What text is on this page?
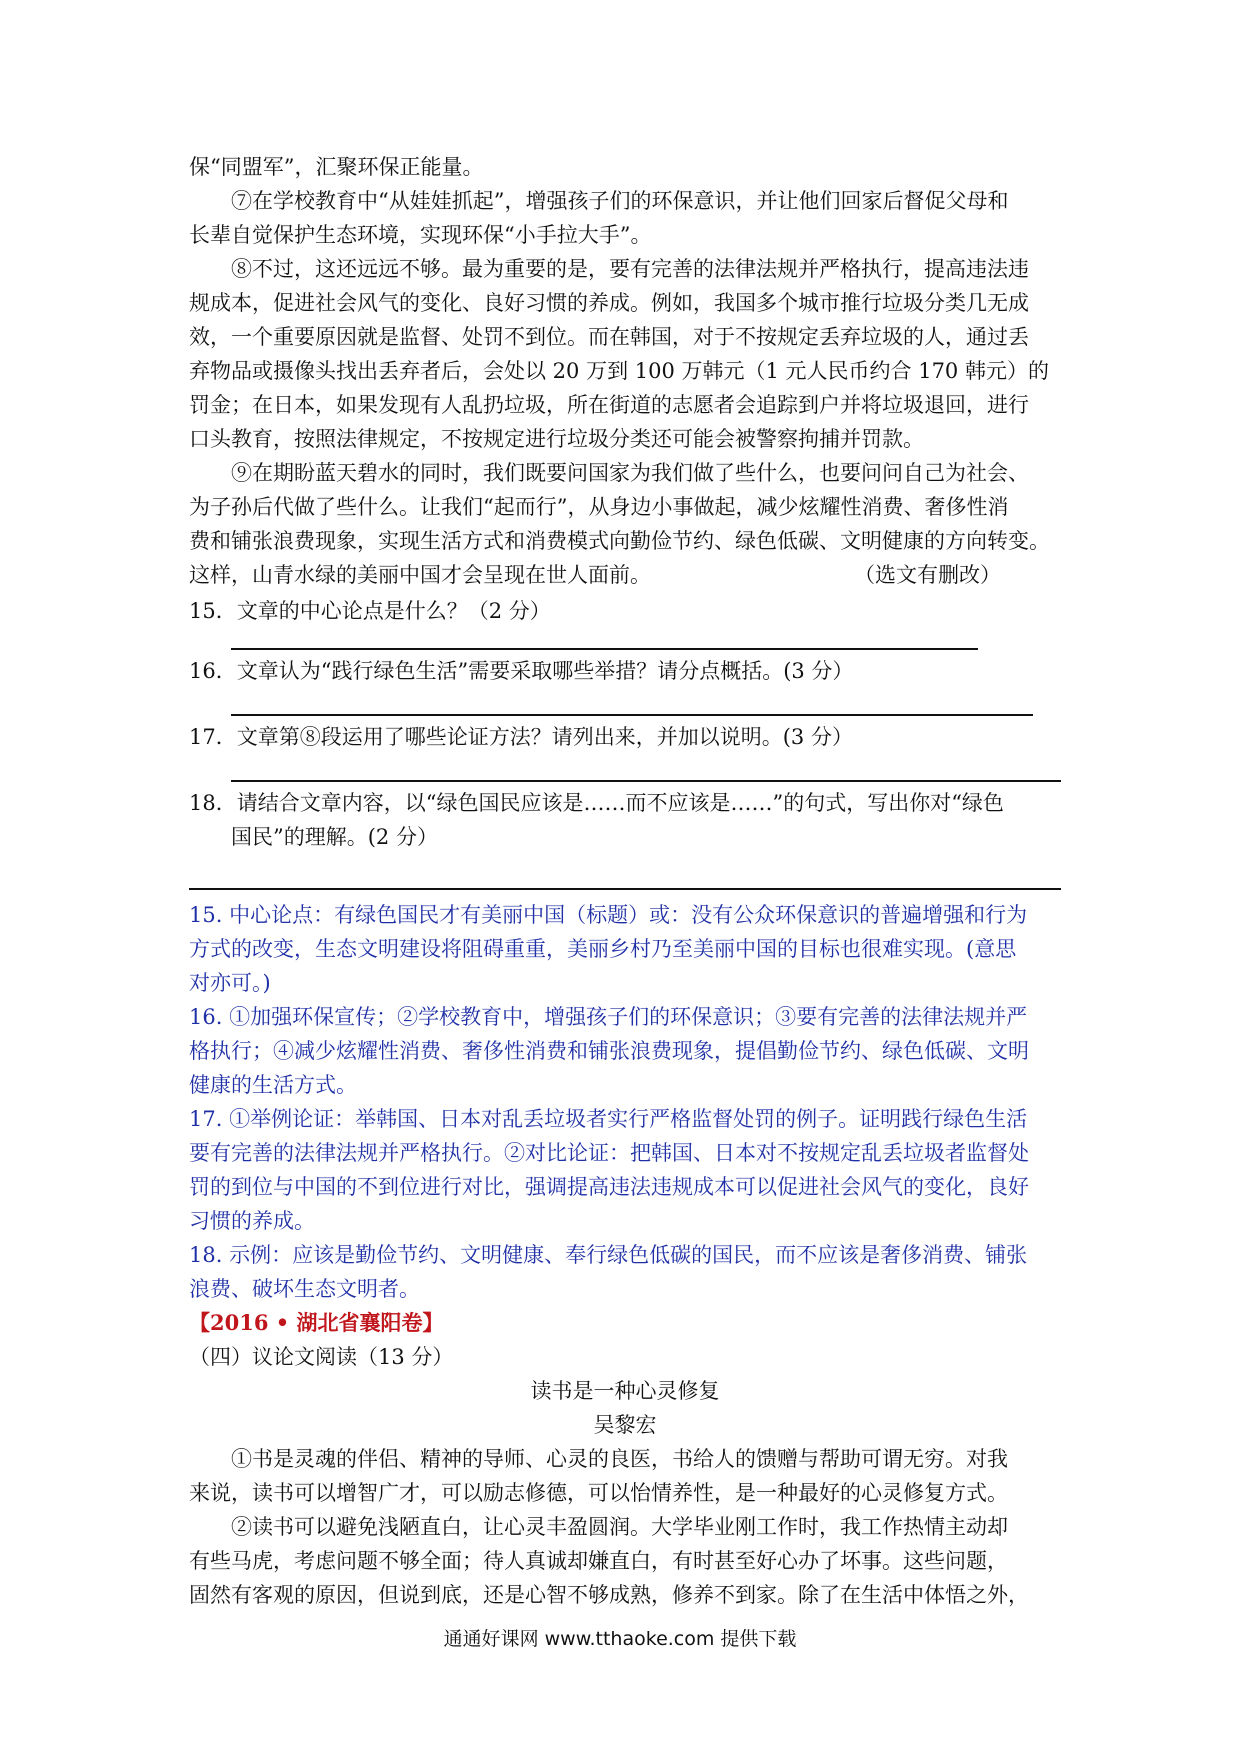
保“同盟军”，汇聚环保正能量。
⑦在学校教育中“从娃娃抓起”，增强孩子们的环保意识，并让他们回家后督促父母和
长辈自觉保护生态环境，实现环保“小手拉大手”。
⑧不过，这还远远不够。最为重要的是，要有完善的法律法规并严格执行，提高违法违
规成本，促进社会风气的变化、良好习惯的养成。例如，我国多个城市推行垃圾分类几无成
效，一个重要原因就是监督、处罚不到位。而在韩国，对于不按规定丢弃垃圾的人，通过丢
弃物品或摄像头找出丢弃者后，会处以 20 万到 100 万韩元（1 元人民币约合 170 韩元）的
罚金；在日本，如果发现有人乱扔垃圾，所在街道的志愿者会追踪到户并将垃圾退回，进行
口头教育，按照法律规定，不按规定进行垃圾分类还可能会被警察拘捕并罚款。
⑨在期盼蓝天碧水的同时，我们既要问国家为我们做了些什么，也要问问自己为社会、
为子孙后代做了些什么。让我们“起而行”，从身边小事做起，减少炫耀性消费、奢侈性消
费和铺张浪费现象，实现生活方式和消费模式向勤俭节约、绿色低碳、文明健康的方向转变。
这样，山青水绿的美丽中国才会呈现在世人面前。	（选文有删改）
15．文章的中心论点是什么？（2 分）
16．文章认为“践行绿色生活”需要采取哪些举措？请分点概括。(3 分）
17．文章第⑧段运用了哪些论证方法？请列出来，并加以说明。(3 分）
18．请结合文章内容，以“绿色国民应该是……而不应该是……”的句式，写出你对“绿色
国民”的理解。(2 分）
15. 中心论点：有绿色国民才有美丽中国（标题）或：没有公众环保意识的普遍增强和行为
方式的改变，生态文明建设将阻碍重重，美丽乡村乃至美丽中国的目标也很难实现。(意思
对亦可。)
16. ①加强环保宣传；②学校教育中，增强孩子们的环保意识；③要有完善的法律法规并严
格执行；④减少炫耀性消费、奢侈性消费和铺张浪费现象，提倡勤俭节约、绿色低碳、文明
健康的生活方式。
17. ①举例论证：举韩国、日本对乱丢垃圾者实行严格监督处罚的例子。证明践行绿色生活
要有完善的法律法规并严格执行。②对比论证：把韩国、日本对不按规定乱丢垃圾者监督处
罚的到位与中国的不到位进行对比，强调提高违法违规成本可以促进社会风气的变化，良好
习惯的养成。
18. 示例：应该是勤俭节约、文明健康、奉行绿色低碳的国民，而不应该是奢侈消费、铺张
浪费、破坏生态文明者。
【2016 • 湖北省襄阳卷】
（四）议论文阅读（13 分）
读书是一种心灵修复
吴黎宏
①书是灵魂的伴侣、精神的导师、心灵的良医，书给人的馈赠与帮助可谓无穷。对我
来说，读书可以增智广才，可以励志修德，可以怡情养性，是一种最好的心灵修复方式。
②读书可以避免浅陋直白，让心灵丰盈圆润。大学毕业刚工作时，我工作热情主动却
有些马虎，考虑问题不够全面；待人真诚却嫌直白，有时甚至好心办了坏事。这些问题，
固然有客观的原因，但说到底，还是心智不够成熟，修养不到家。除了在生活中体悟之外，
通通好课网 www.tthaoke.com 提供下载
